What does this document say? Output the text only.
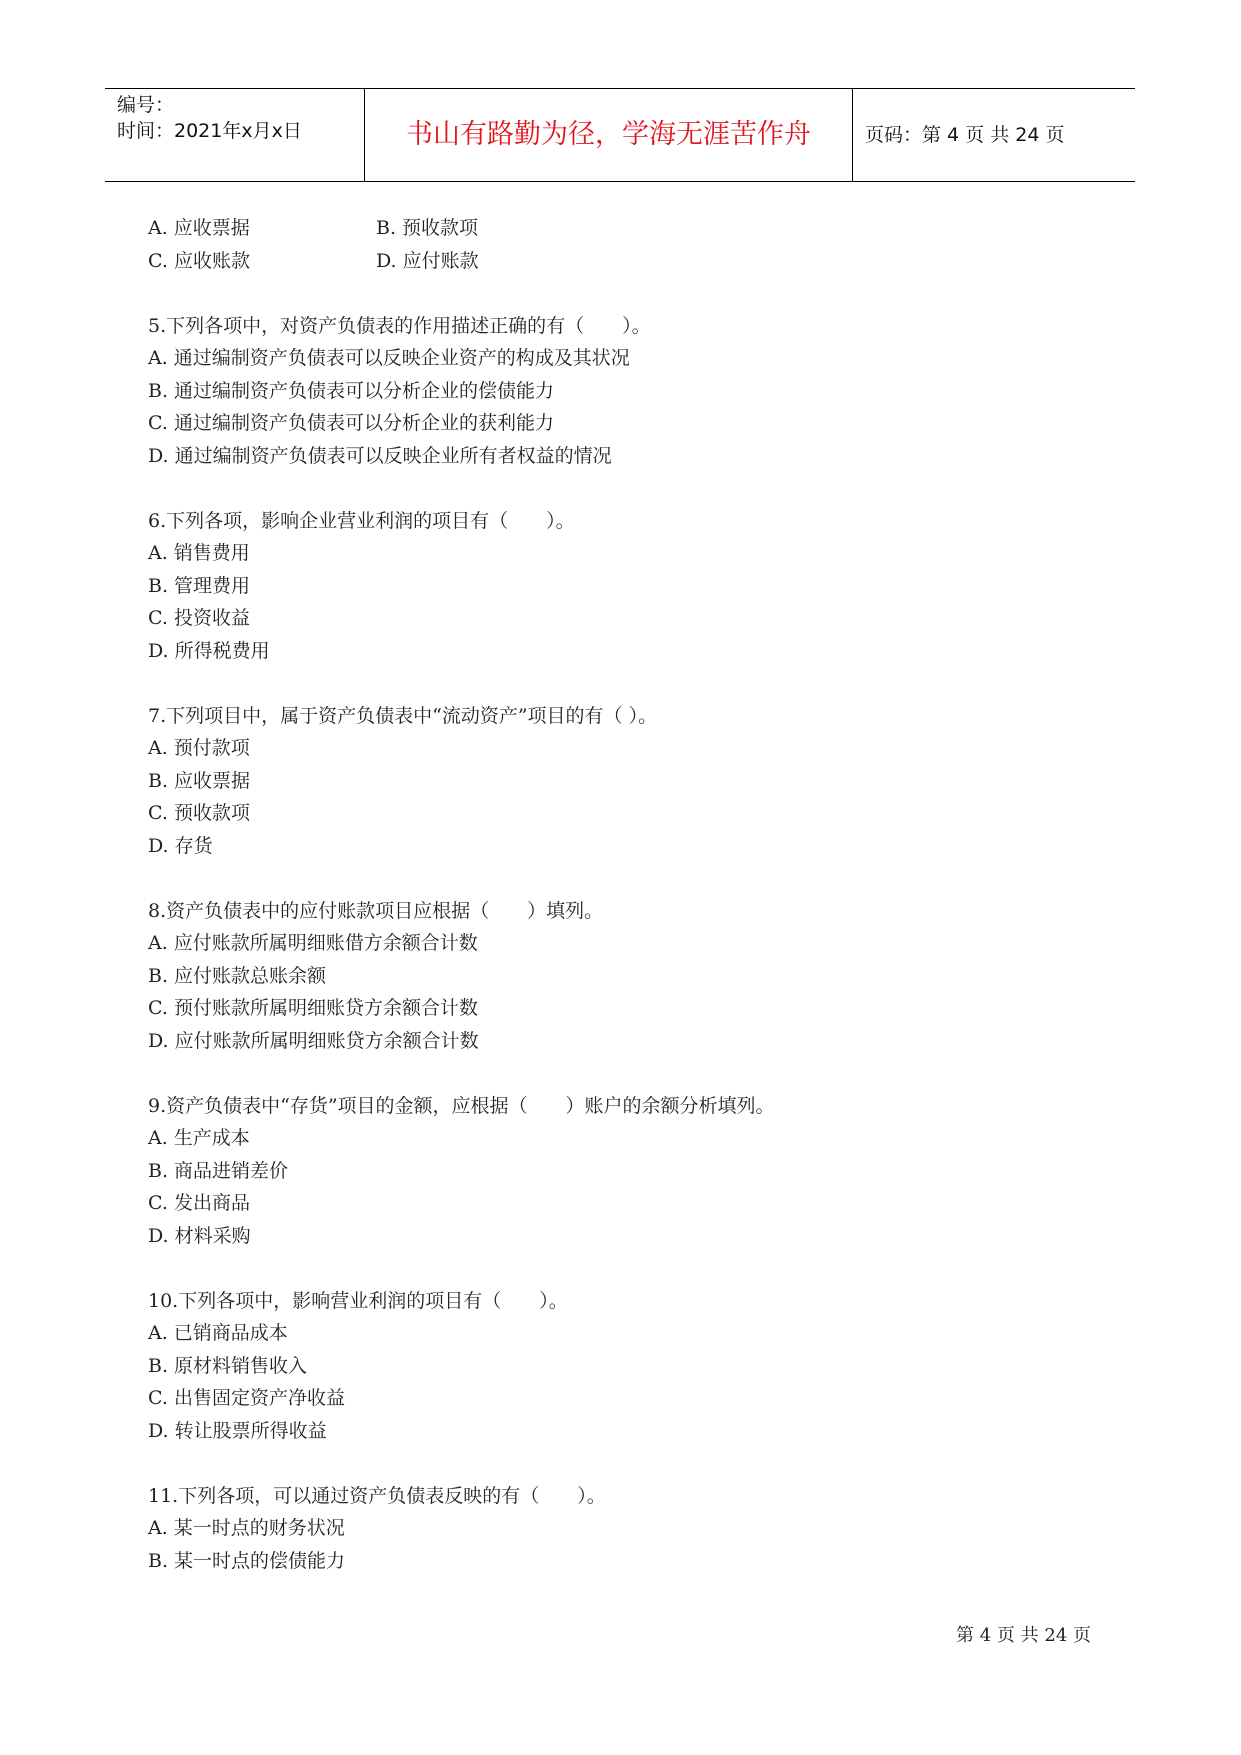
编号：
时间：2021年x月x日	书山有路勤为径，学海无涯苦作舟	页码：第 4 页 共 24 页
A. 应收票据	B. 预收款项
C. 应收账款	D. 应付账款
5.下列各项中，对资产负债表的作用描述正确的有（　　）。
A. 通过编制资产负债表可以反映企业资产的构成及其状况
B. 通过编制资产负债表可以分析企业的偿债能力
C. 通过编制资产负债表可以分析企业的获利能力
D. 通过编制资产负债表可以反映企业所有者权益的情况
6.下列各项，影响企业营业利润的项目有（　　）。
A. 销售费用
B. 管理费用
C. 投资收益
D. 所得税费用
7.下列项目中，属于资产负债表中“流动资产”项目的有（ ）。
A. 预付款项
B. 应收票据
C. 预收款项
D. 存货
8.资产负债表中的应付账款项目应根据（　　）填列。
A. 应付账款所属明细账借方余额合计数
B. 应付账款总账余额
C. 预付账款所属明细账贷方余额合计数
D. 应付账款所属明细账贷方余额合计数
9.资产负债表中“存货”项目的金额，应根据（　　）账户的余额分析填列。
A. 生产成本
B. 商品进销差价
C. 发出商品
D. 材料采购
10.下列各项中，影响营业利润的项目有（　　）。
A. 已销商品成本
B. 原材料销售收入
C. 出售固定资产净收益
D. 转让股票所得收益
11.下列各项，可以通过资产负债表反映的有（　　）。
A. 某一时点的财务状况
B. 某一时点的偿债能力
第 4 页 共 24 页
